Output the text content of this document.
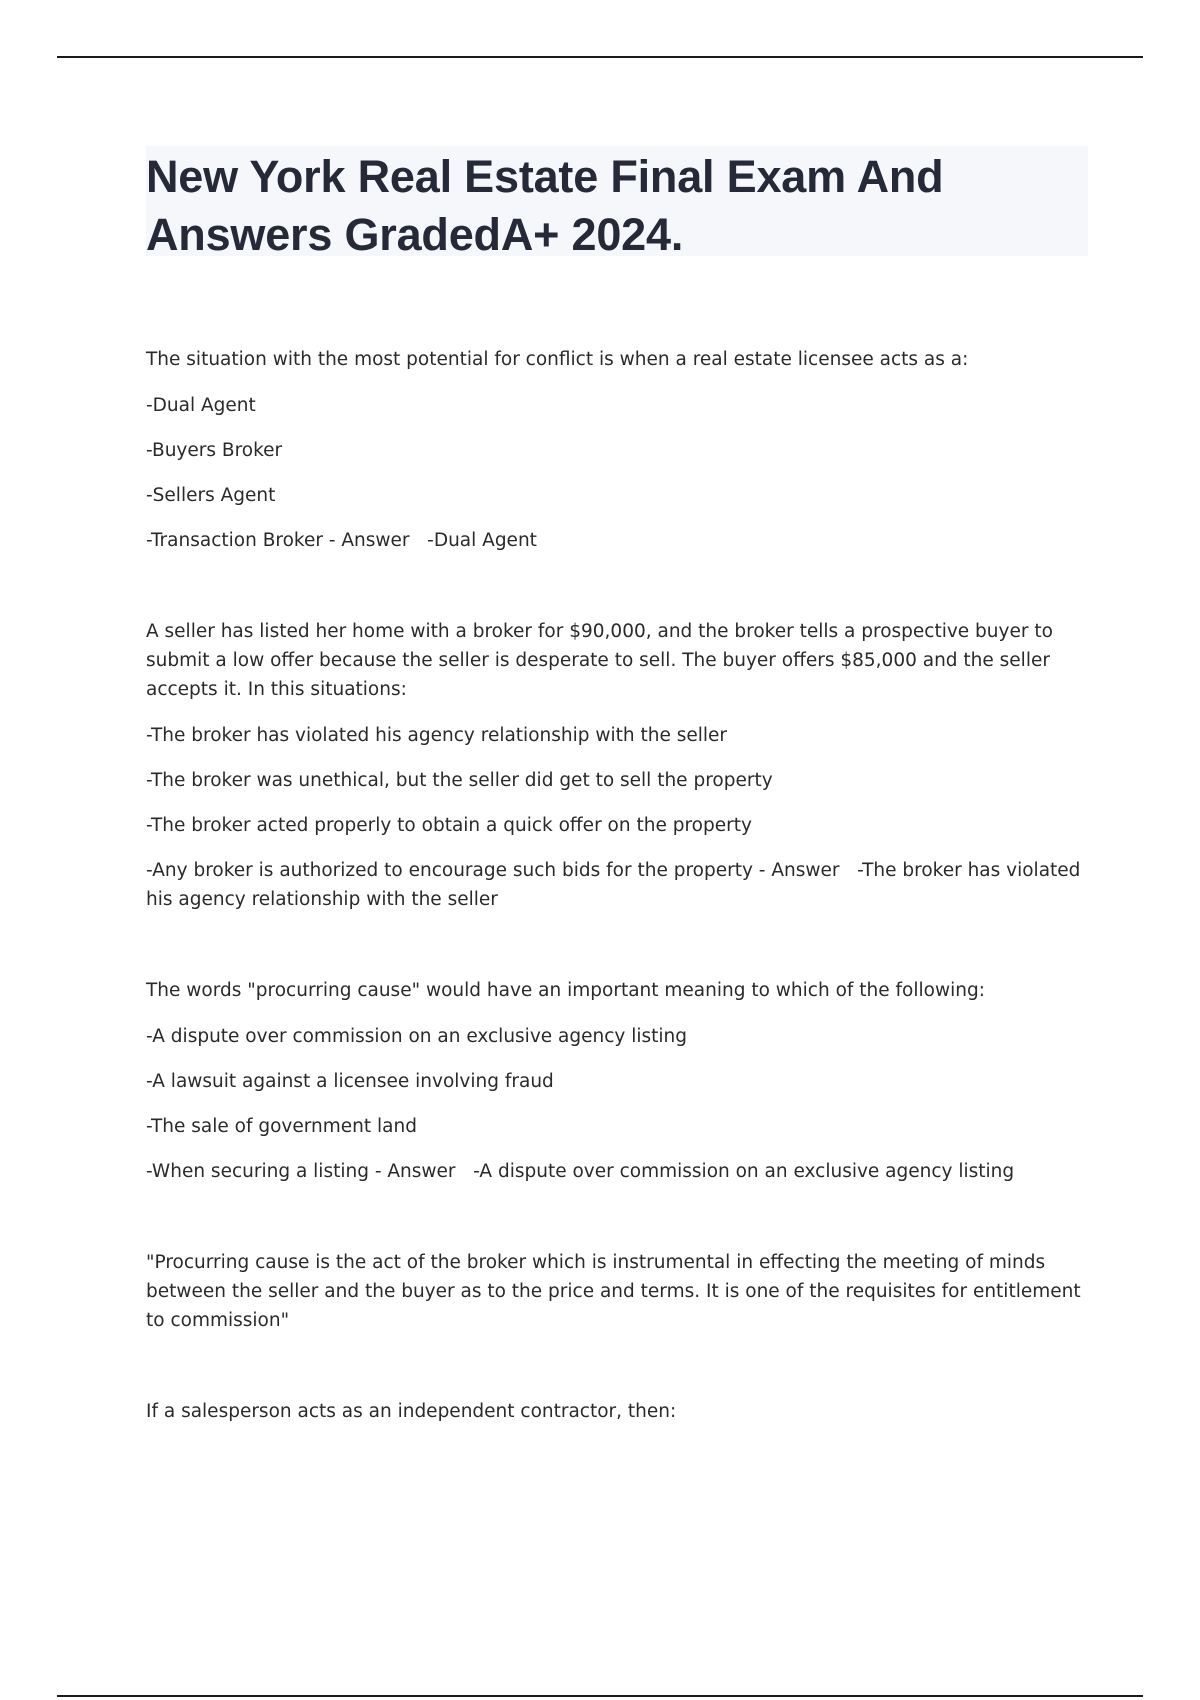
New York Real Estate Final Exam And Answers GradedA+ 2024.

The situation with the most potential for conflict is when a real estate licensee acts as a:

-Dual Agent

-Buyers Broker

-Sellers Agent

-Transaction Broker - Answer   -Dual Agent

A seller has listed her home with a broker for $90,000, and the broker tells a prospective buyer to submit a low offer because the seller is desperate to sell. The buyer offers $85,000 and the seller accepts it. In this situations:

-The broker has violated his agency relationship with the seller

-The broker was unethical, but the seller did get to sell the property

-The broker acted properly to obtain a quick offer on the property

-Any broker is authorized to encourage such bids for the property - Answer   -The broker has violated his agency relationship with the seller

The words "procurring cause" would have an important meaning to which of the following:

-A dispute over commission on an exclusive agency listing

-A lawsuit against a licensee involving fraud

-The sale of government land

-When securing a listing - Answer   -A dispute over commission on an exclusive agency listing

"Procurring cause is the act of the broker which is instrumental in effecting the meeting of minds between the seller and the buyer as to the price and terms. It is one of the requisites for entitlement to commission"

If a salesperson acts as an independent contractor, then:
